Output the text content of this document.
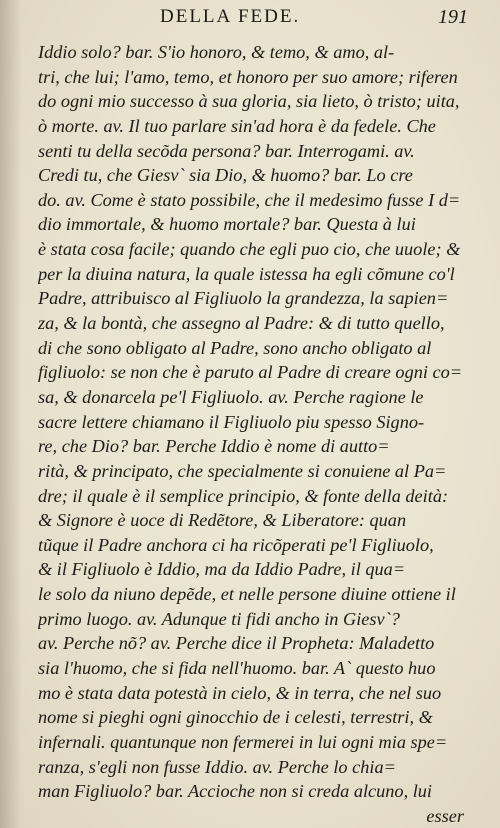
DELLA FEDE.	191
Iddio solo? bar. S'io honoro, & temo, & amo, al-
tri, che lui; l'amo, temo, et honoro per suo amore; riferen
do ogni mio successo à sua gloria, sia lieto, ò tristo; uita,
ò morte. av. Il tuo parlare sin'ad hora è da fedele. Che
senti tu della secõda persona? bar. Interrogami. av.
Credi tu, che Giesv` sia Dio, & huomo? bar. Lo cre
do. av. Come è stato possibile, che il medesimo fusse I d=
dio immortale, & huomo mortale? bar. Questa à lui
è stata cosa facile; quando che egli puo cio, che uuole; &
per la diuina natura, la quale istessa ha egli cõmune co'l
Padre, attribuisco al Figliuolo la grandezza, la sapien=
za, & la bontà, che assegno al Padre: & di tutto quello,
di che sono obligato al Padre, sono ancho obligato al
figliuolo: se non che è paruto al Padre di creare ogni co=
sa, & donarcela pe'l Figliuolo. av. Perche ragione le
sacre lettere chiamano il Figliuolo piu spesso Signo-
re, che Dio? bar. Perche Iddio è nome di autto=
rità, & principato, che specialmente si conuiene al Pa=
dre; il quale è il semplice principio, & fonte della deità:
& Signore è uoce di Redẽtore, & Liberatore: quan
tũque il Padre anchora ci ha ricõperati pe'l Figliuolo,
& il Figliuolo è Iddio, ma da Iddio Padre, il qua=
le solo da niuno depẽde, et nelle persone diuine ottiene il
primo luogo. av. Adunque ti fidi ancho in Giesv`?
av. Perche nõ? av. Perche dice il Propheta: Maladetto
sia l'huomo, che si fida nell'huomo. bar. A` questo huo
mo è stata data potestà in cielo, & in terra, che nel suo
nome si pieghi ogni ginocchio de i celesti, terrestri, &
infernali. quantunque non fermerei in lui ogni mia spe=
ranza, s'egli non fusse Iddio. av. Perche lo chia=
man Figliuolo? bar. Accioche non si creda alcuno, lui
esser
